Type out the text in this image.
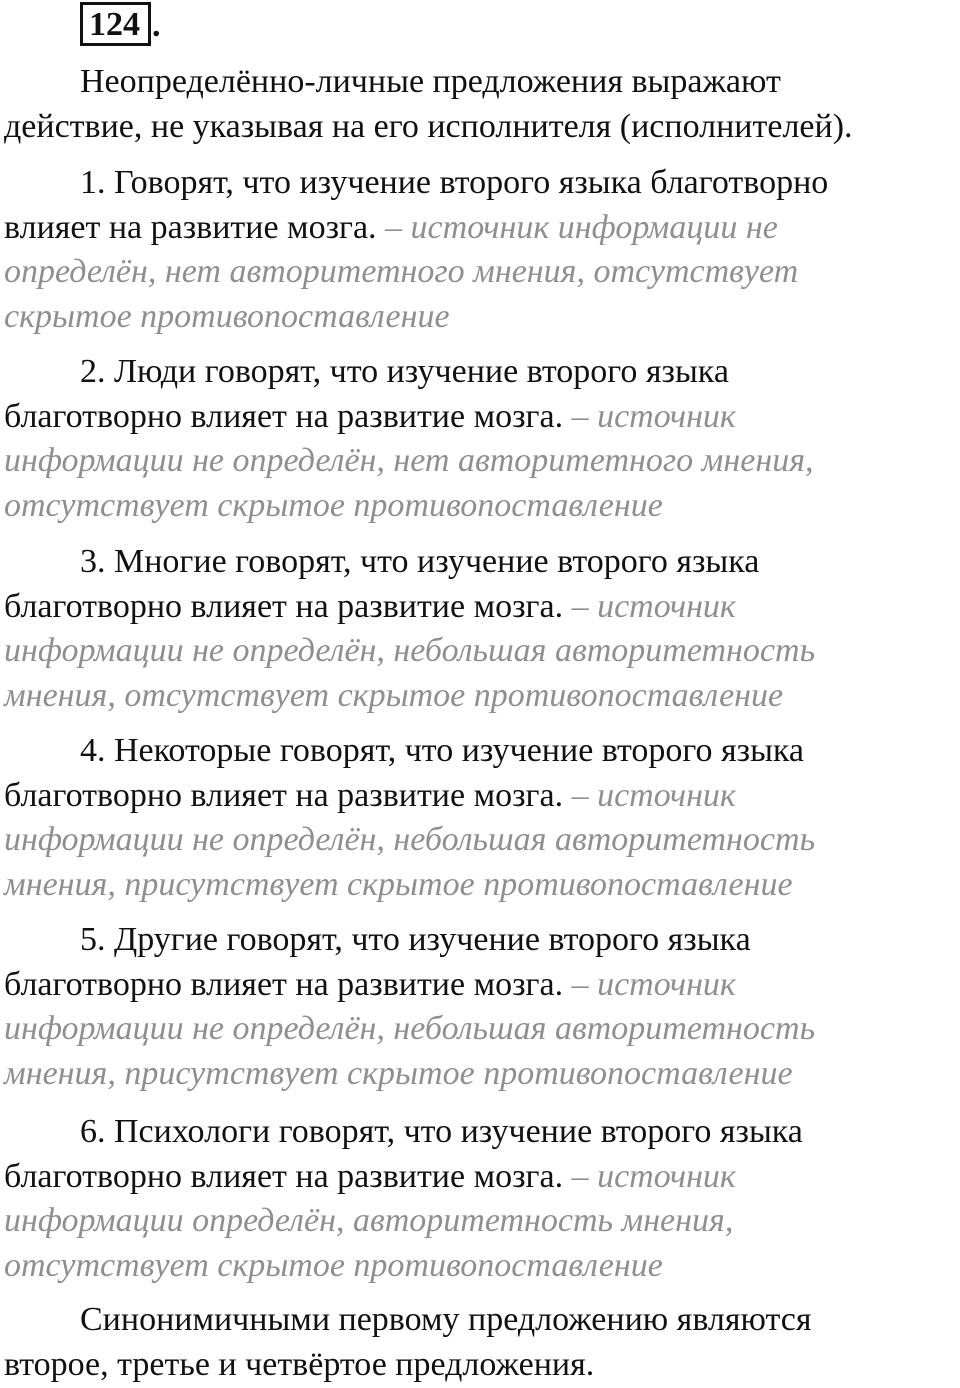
124 .

Неопределённо-личные предложения выражают
действие, не указывая на его исполнителя (исполнителей).

1. Говорят, что изучение второго языка благотворно
влияет на развитие мозга. – источник информации не
определён, нет авторитетного мнения, отсутствует
скрытое противопоставление

2. Люди говорят, что изучение второго языка
благотворно влияет на развитие мозга. – источник
информации не определён, нет авторитетного мнения,
отсутствует скрытое противопоставление

3. Многие говорят, что изучение второго языка
благотворно влияет на развитие мозга. – источник
информации не определён, небольшая авторитетность
мнения, отсутствует скрытое противопоставление

4. Некоторые говорят, что изучение второго языка
благотворно влияет на развитие мозга. – источник
информации не определён, небольшая авторитетность
мнения, присутствует скрытое противопоставление

5. Другие говорят, что изучение второго языка
благотворно влияет на развитие мозга. – источник
информации не определён, небольшая авторитетность
мнения, присутствует скрытое противопоставление

6. Психологи говорят, что изучение второго языка
благотворно влияет на развитие мозга. – источник
информации определён, авторитетность мнения,
отсутствует скрытое противопоставление

Синонимичными первому предложению являются
второе, третье и четвёртое предложения.
